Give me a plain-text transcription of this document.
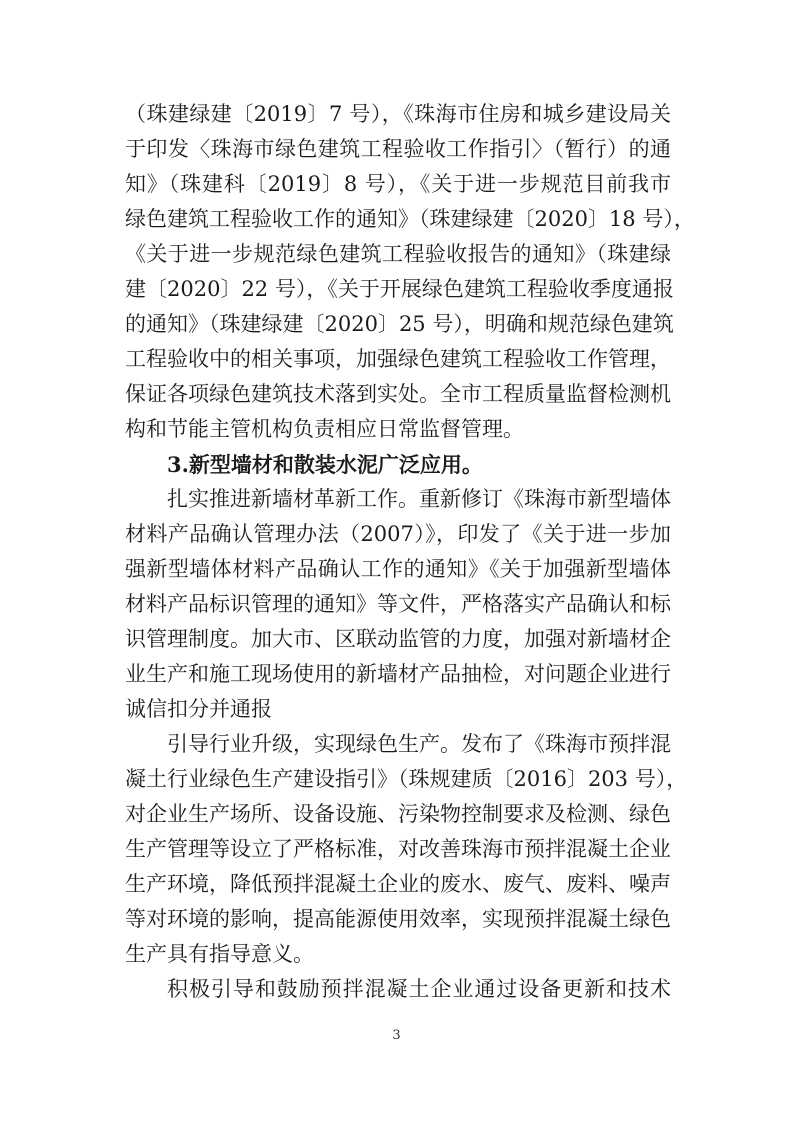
（珠建绿建〔2019〕7 号），《珠海市住房和城乡建设局关
于印发〈珠海市绿色建筑工程验收工作指引〉（暂行）的通
知》（珠建科〔2019〕8 号），《关于进一步规范目前我市
绿色建筑工程验收工作的通知》（珠建绿建〔2020〕18 号），
《关于进一步规范绿色建筑工程验收报告的通知》（珠建绿
建〔2020〕22 号），《关于开展绿色建筑工程验收季度通报
的通知》（珠建绿建〔2020〕25 号），明确和规范绿色建筑
工程验收中的相关事项，加强绿色建筑工程验收工作管理，
保证各项绿色建筑技术落到实处。全市工程质量监督检测机
构和节能主管机构负责相应日常监督管理。
3.新型墙材和散装水泥广泛应用。
扎实推进新墙材革新工作。重新修订《珠海市新型墙体
材料产品确认管理办法（2007）》，印发了《关于进一步加
强新型墙体材料产品确认工作的通知》《关于加强新型墙体
材料产品标识管理的通知》等文件，严格落实产品确认和标
识管理制度。加大市、区联动监管的力度，加强对新墙材企
业生产和施工现场使用的新墙材产品抽检，对问题企业进行
诚信扣分并通报
引导行业升级，实现绿色生产。发布了《珠海市预拌混
凝土行业绿色生产建设指引》（珠规建质〔2016〕203 号），
对企业生产场所、设备设施、污染物控制要求及检测、绿色
生产管理等设立了严格标准，对改善珠海市预拌混凝土企业
生产环境，降低预拌混凝土企业的废水、废气、废料、噪声
等对环境的影响，提高能源使用效率，实现预拌混凝土绿色
生产具有指导意义。
积极引导和鼓励预拌混凝土企业通过设备更新和技术
3
